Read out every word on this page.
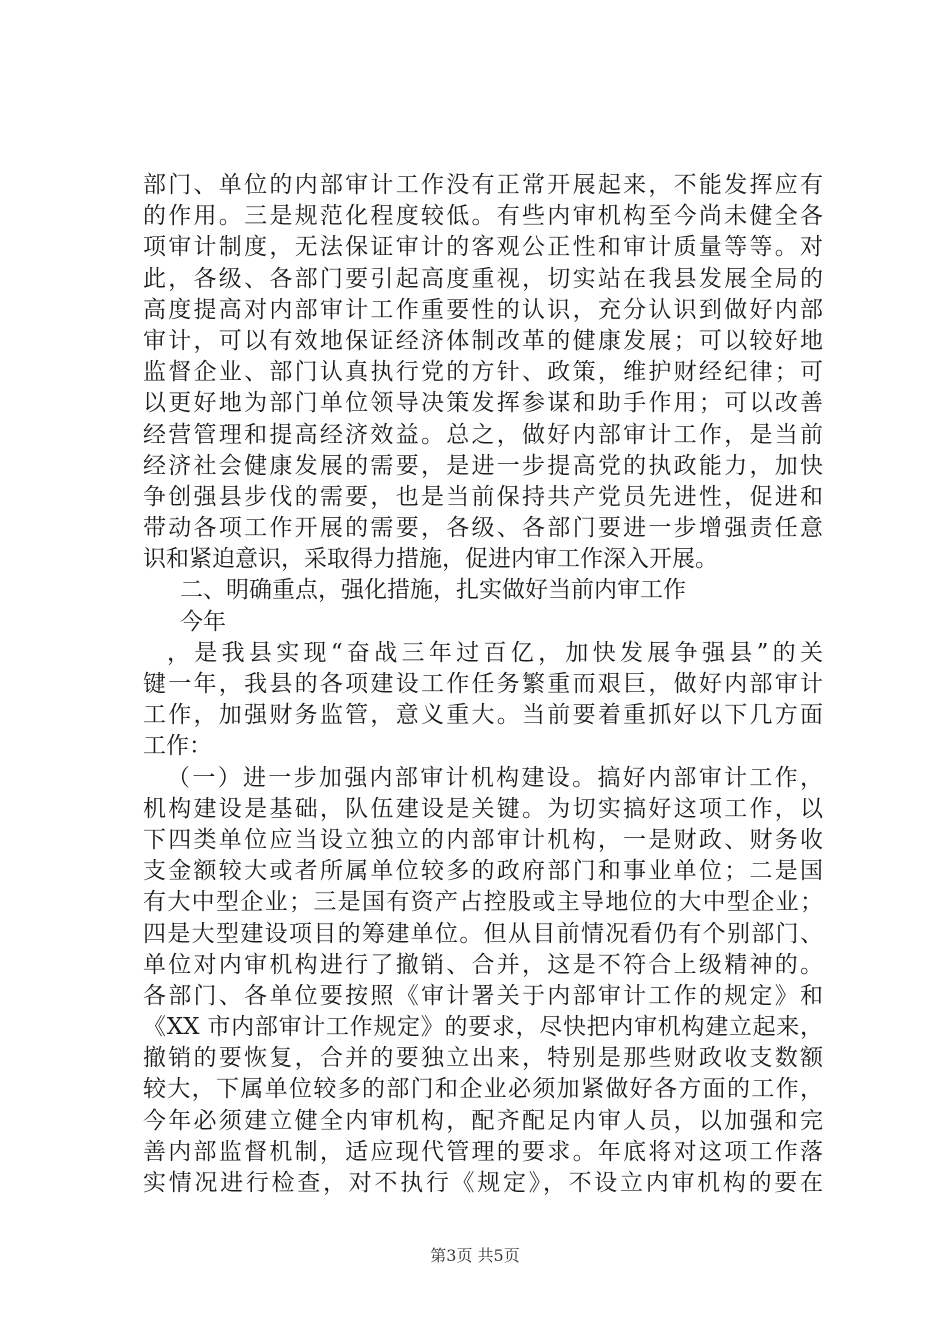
部门、单位的内部审计工作没有正常开展起来，不能发挥应有
的作用。三是规范化程度较低。有些内审机构至今尚未健全各
项审计制度，无法保证审计的客观公正性和审计质量等等。对
此，各级、各部门要引起高度重视，切实站在我县发展全局的
高度提高对内部审计工作重要性的认识，充分认识到做好内部
审计，可以有效地保证经济体制改革的健康发展；可以较好地
监督企业、部门认真执行党的方针、政策，维护财经纪律；可
以更好地为部门单位领导决策发挥参谋和助手作用；可以改善
经营管理和提高经济效益。总之，做好内部审计工作，是当前
经济社会健康发展的需要，是进一步提高党的执政能力，加快
争创强县步伐的需要，也是当前保持共产党员先进性，促进和
带动各项工作开展的需要，各级、各部门要进一步增强责任意
识和紧迫意识，采取得力措施，促进内审工作深入开展。
二、明确重点，强化措施，扎实做好当前内审工作
今年
，是我县实现“奋战三年过百亿，加快发展争强县”的关
键一年，我县的各项建设工作任务繁重而艰巨，做好内部审计
工作，加强财务监管，意义重大。当前要着重抓好以下几方面
工作：
（一）进一步加强内部审计机构建设。搞好内部审计工作，
机构建设是基础，队伍建设是关键。为切实搞好这项工作，以
下四类单位应当设立独立的内部审计机构，一是财政、财务收
支金额较大或者所属单位较多的政府部门和事业单位；二是国
有大中型企业；三是国有资产占控股或主导地位的大中型企业；
四是大型建设项目的筹建单位。但从目前情况看仍有个别部门、
单位对内审机构进行了撤销、合并，这是不符合上级精神的。
各部门、各单位要按照《审计署关于内部审计工作的规定》和
《XX 市内部审计工作规定》的要求，尽快把内审机构建立起来，
撤销的要恢复，合并的要独立出来，特别是那些财政收支数额
较大，下属单位较多的部门和企业必须加紧做好各方面的工作，
今年必须建立健全内审机构，配齐配足内审人员，以加强和完
善内部监督机制，适应现代管理的要求。年底将对这项工作落
实情况进行检查，对不执行《规定》，不设立内审机构的要在
第3页 共5页
